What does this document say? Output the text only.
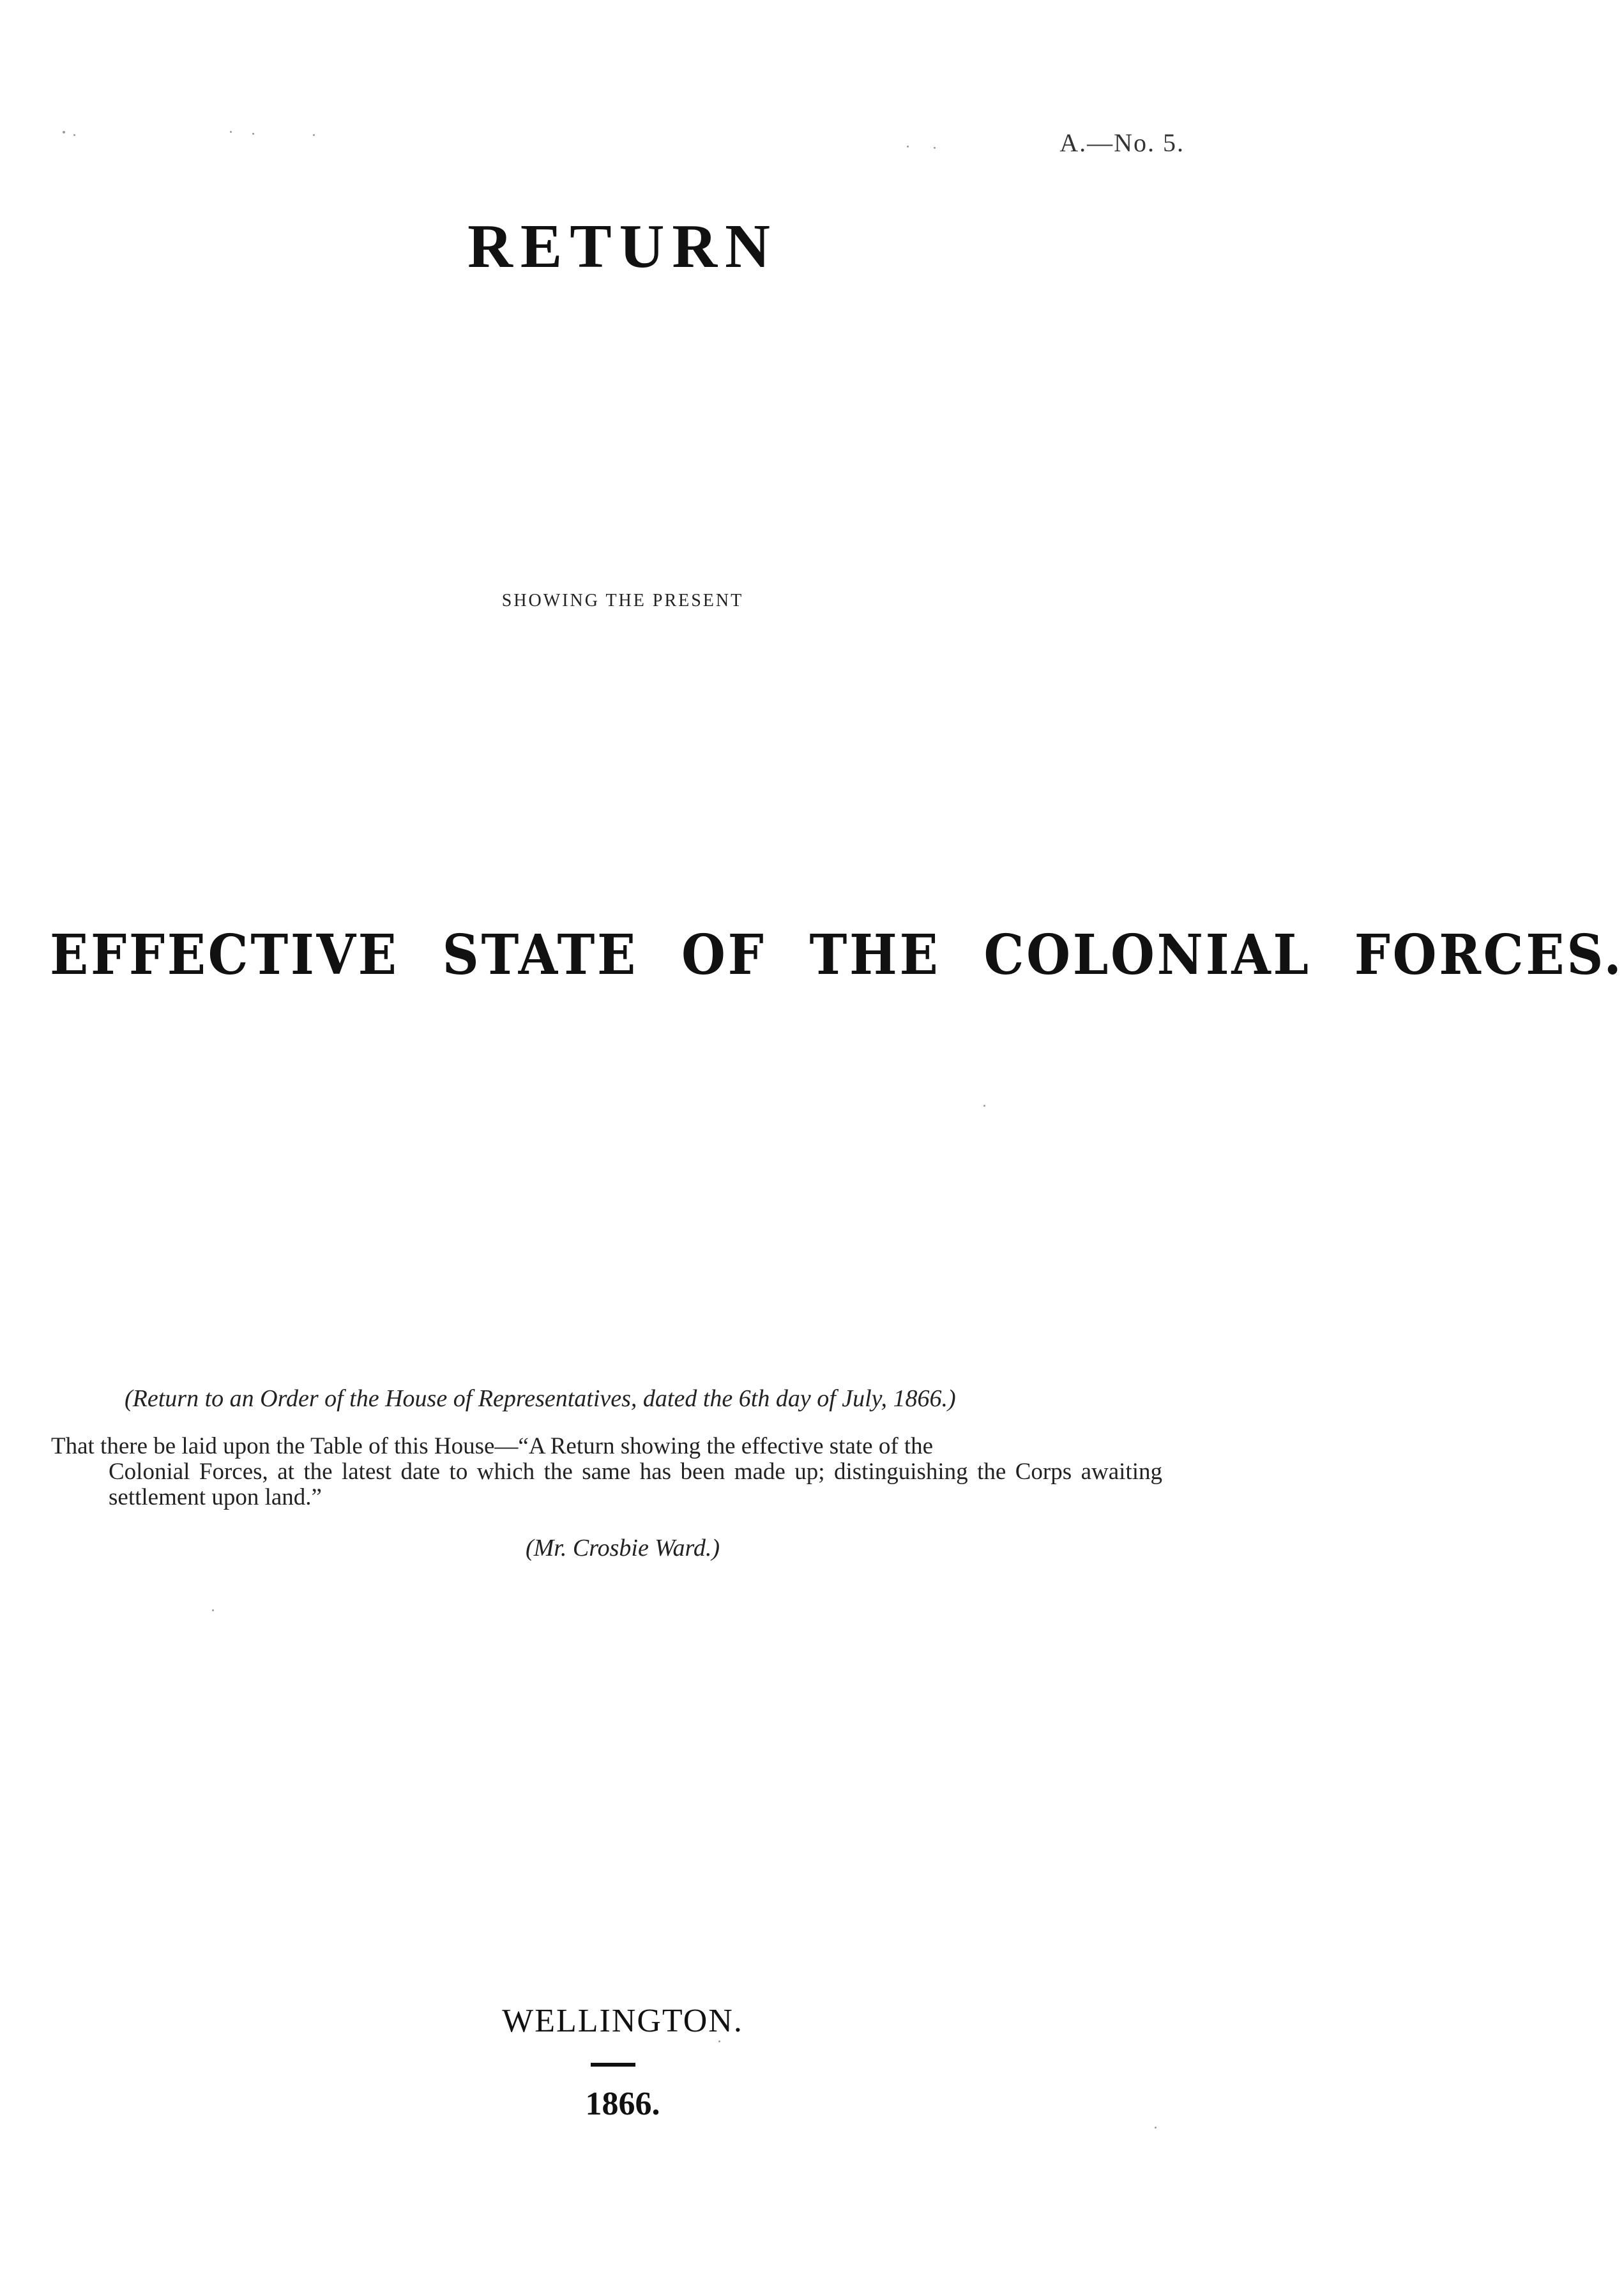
A.—No. 5.
RETURN
SHOWING THE PRESENT
EFFECTIVE STATE OF THE COLONIAL FORCES.
(Return to an Order of the House of Representatives, dated the 6th day of July, 1866.)
That there be laid upon the Table of this House—“A Return showing the effective state of the
Colonial Forces, at the latest date to which the same has been made up; distinguishing the Corps awaiting settlement upon land.”
(Mr. Crosbie Ward.)
WELLINGTON.
1866.
